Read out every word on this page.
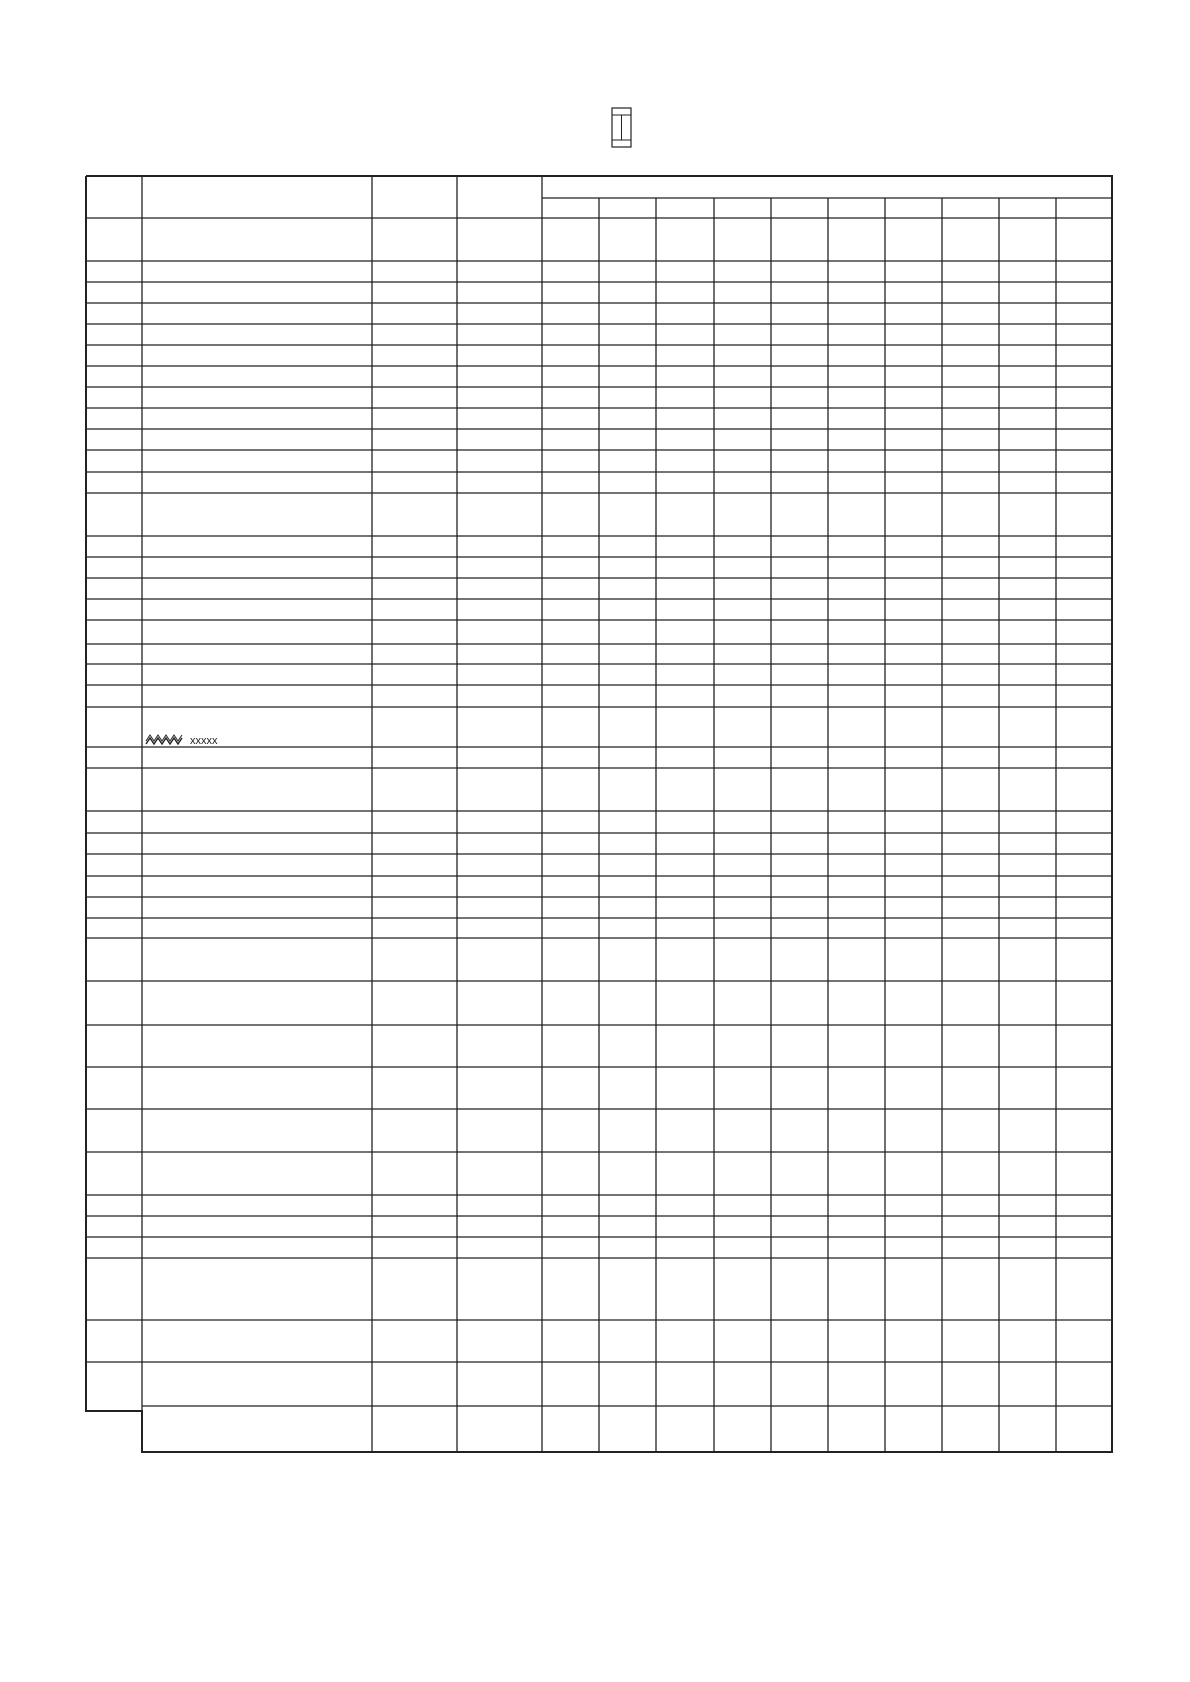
xxxxx
